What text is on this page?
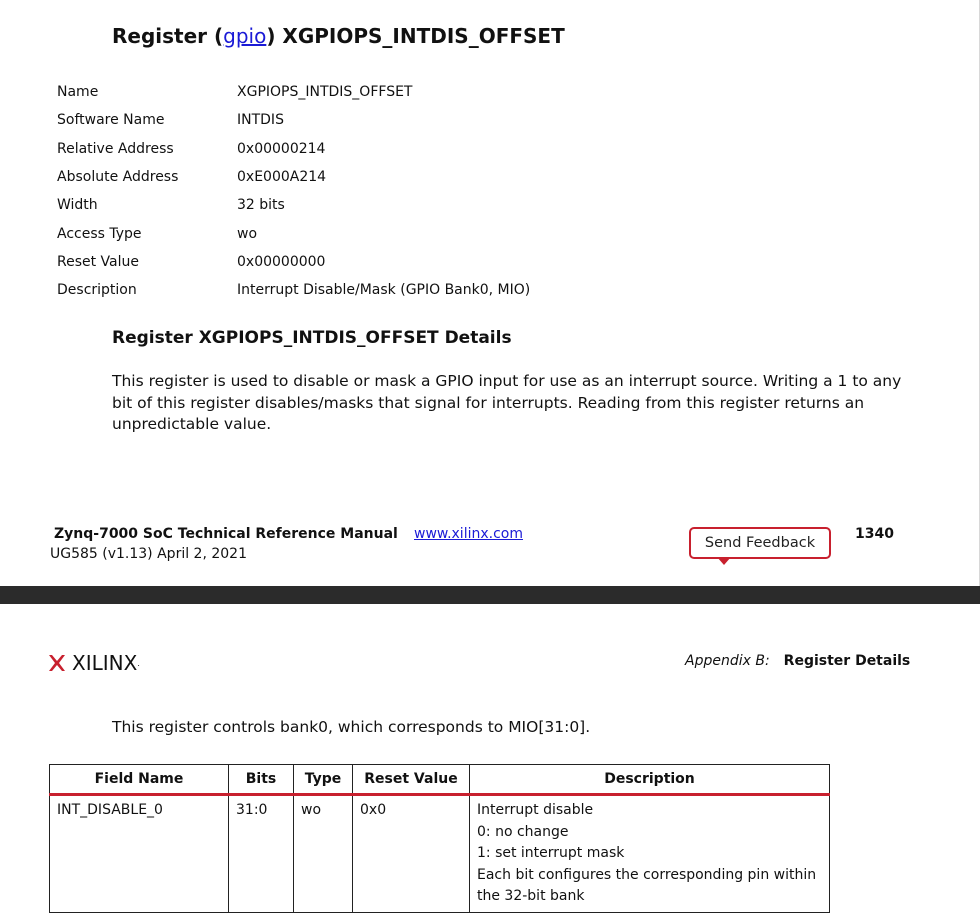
Register (gpio) XGPIOPS_INTDIS_OFFSET
Name	XGPIOPS_INTDIS_OFFSET
Software Name	INTDIS
Relative Address	0x00000214
Absolute Address	0xE000A214
Width	32 bits
Access Type	wo
Reset Value	0x00000000
Description	Interrupt Disable/Mask (GPIO Bank0, MIO)
Register XGPIOPS_INTDIS_OFFSET Details
This register is used to disable or mask a GPIO input for use as an interrupt source. Writing a 1 to any
bit of this register disables/masks that signal for interrupts. Reading from this register returns an
unpredictable value.
Zynq-7000 SoC Technical Reference Manual
UG585 (v1.13) April 2, 2021
www.xilinx.com
Send Feedback
1340
XILINX .	Appendix B: Register Details
This register controls bank0, which corresponds to MIO[31:0].
Field Name	Bits	Type	Reset Value	Description
INT_DISABLE_0	31:0	wo	0x0	Interrupt disable
0: no change
1: set interrupt mask
Each bit configures the corresponding pin within
the 32-bit bank
